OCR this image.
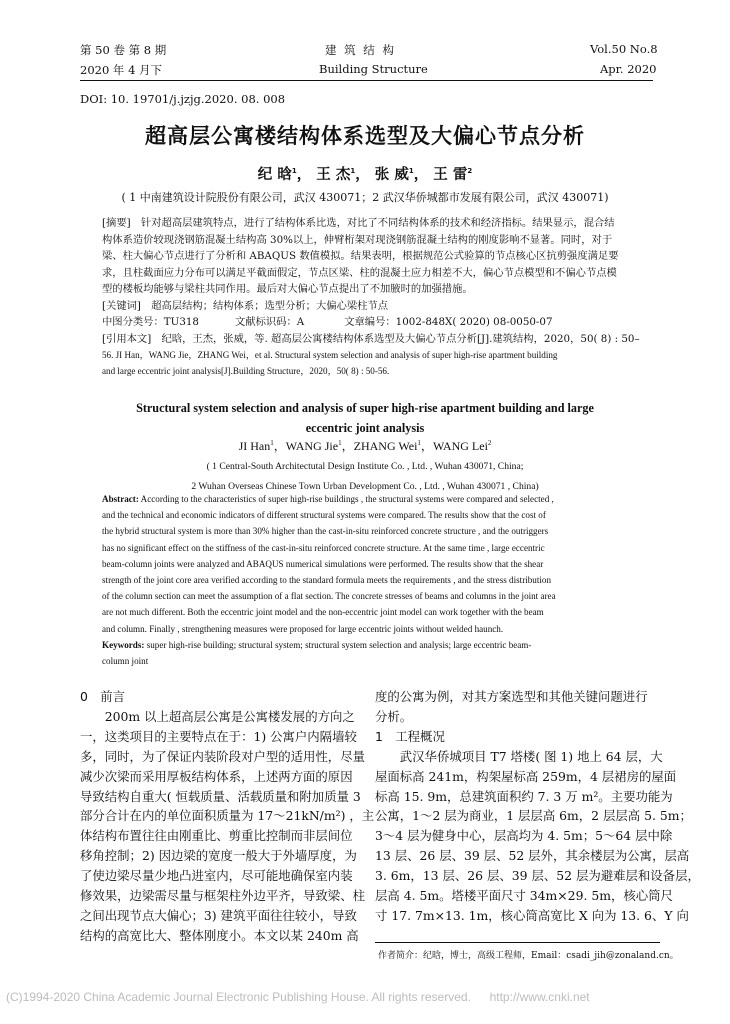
第 50 卷 第 8 期	建 筑 结 构	Vol.50 No.8
2020 年 4 月下	Building Structure	Apr. 2020
DOI: 10. 19701/j.jzjg.2020. 08. 008
超高层公寓楼结构体系选型及大偏心节点分析
纪 晗$^1$， 王 杰$^1$， 张 威$^1$， 王 雷$^2$
( 1 中南建筑设计院股份有限公司，武汉 430071；2 武汉华侨城都市发展有限公司，武汉 430071)

[摘要]　针对超高层建筑特点，进行了结构体系比选，对比了不同结构体系的技术和经济指标。结果显示，混合结

构体系造价较现浇钢筋混凝土结构高 30%以上，伸臂桁架对现浇钢筋混凝土结构的刚度影响不显著。同时，对于

梁、柱大偏心节点进行了分析和 ABAQUS 数值模拟。结果表明，根据规范公式验算的节点核心区抗剪强度满足要

求，且柱截面应力分布可以满足平截面假定，节点区梁、柱的混凝土应力相差不大，偏心节点模型和不偏心节点模

型的楼板均能够与梁柱共同作用。最后对大偏心节点提出了不加腋时的加强措施。

[关键词]　超高层结构；结构体系；选型分析；大偏心梁柱节点

中图分类号：TU318	文献标识码：A	文章编号：1002-848X( 2020) 08-0050-07

[引用本文]　纪晗，王杰，张威，等. 超高层公寓楼结构体系选型及大偏心节点分析[J].建筑结构，2020，50( 8) : 50–

56. JI Han，WANG Jie，ZHANG Wei，et al. Structural system selection and analysis of super high-rise apartment building

and large eccentric joint analysis[J].Building Structure，2020，50( 8) : 50-56.

Structural system selection and analysis of super high-rise apartment building and large

eccentric joint analysis

JI Han$^1$，WANG Jie$^1$，ZHANG Wei$^1$，WANG Lei$^2$

( 1 Central-South Architectutal Design Institute Co. , Ltd. , Wuhan 430071, China;

2 Wuhan Overseas Chinese Town Urban Development Co. , Ltd. , Wuhan 430071 , China)

Abstract: According to the characteristics of super high-rise buildings , the structural systems were compared and selected ,

and the technical and economic indicators of different structural systems were compared. The results show that the cost of

the hybrid structural system is more than 30% higher than the cast-in-situ reinforced concrete structure , and the outriggers

has no significant effect on the stiffness of the cast-in-situ reinforced concrete structure. At the same time , large eccentric

beam-column joints were analyzed and ABAQUS numerical simulations were performed. The results show that the shear

strength of the joint core area verified according to the standard formula meets the requirements , and the stress distribution

of the column section can meet the assumption of a flat section. The concrete stresses of beams and columns in the joint area

are not much different. Both the eccentric joint model and the non-eccentric joint model can work together with the beam

and column. Finally , strengthening measures were proposed for large eccentric joints without welded haunch.

Keywords: super high-rise building; structural system; structural system selection and analysis; large eccentric beam-

column joint

0　前言

　　200m 以上超高层公寓是公寓楼发展的方向之

一，这类项目的主要特点在于：1) 公寓户内隔墙较

多，同时，为了保证内装阶段对户型的适用性，尽量

减少次梁而采用厚板结构体系，上述两方面的原因

导致结构自重大( 恒载质量、活载质量和附加质量 3

部分合计在内的单位面积质量为 17～21kN/m²) ，主

体结构布置往往由刚重比、剪重比控制而非层间位

移角控制；2) 因边梁的宽度一般大于外墙厚度，为

了使边梁尽量少地凸进室内，尽可能地确保室内装

修效果，边梁需尽量与框架柱外边平齐，导致梁、柱

之间出现节点大偏心；3) 建筑平面往往较小，导致

结构的高宽比大、整体刚度小。本文以某 240m 高

度的公寓为例，对其方案选型和其他关键问题进行

分析。

1　工程概况

　　武汉华侨城项目 T7 塔楼( 图 1) 地上 64 层，大

屋面标高 241m，构架屋标高 259m，4 层裙房的屋面

标高 15. 9m，总建筑面积约 7. 3 万 m²。主要功能为

公寓，1～2 层为商业，1 层层高 6m，2 层层高 5. 5m；

3～4 层为健身中心，层高均为 4. 5m；5～64 层中除

13 层、26 层、39 层、52 层外，其余楼层为公寓，层高

3. 6m，13 层、26 层、39 层、52 层为避难层和设备层，

层高 4. 5m。塔楼平面尺寸 34m×29. 5m，核心筒尺

寸 17. 7m×13. 1m，核心筒高宽比 X 向为 13. 6、Y 向

作者简介：纪晗，博士，高级工程师，Email：csadi_jih@zonaland.cn。
(C)1994-2020 China Academic Journal Electronic Publishing House. All rights reserved. http://www.cnki.net
